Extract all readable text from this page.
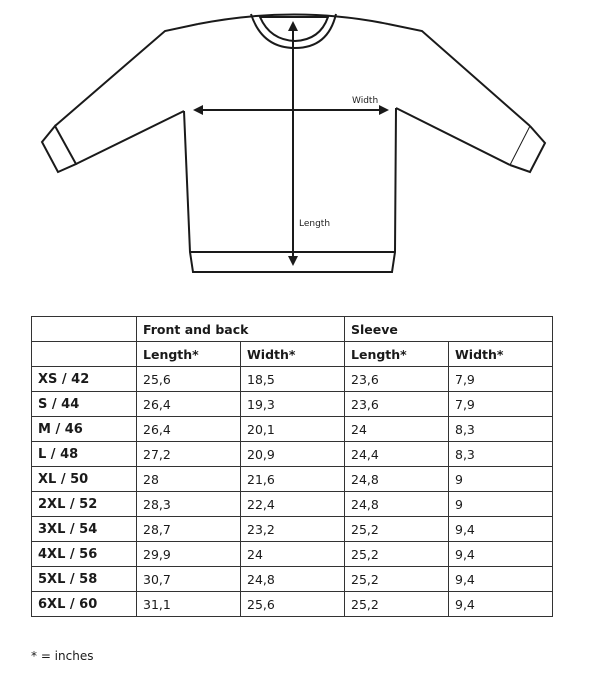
Width
Length
	Front and back		Sleeve	
	Length*	Width*	Length*	Width*
XS / 42	25,6	18,5	23,6	7,9
S / 44	26,4	19,3	23,6	7,9
M / 46	26,4	20,1	24	8,3
L / 48	27,2	20,9	24,4	8,3
XL / 50	28	21,6	24,8	9
2XL / 52	28,3	22,4	24,8	9
3XL / 54	28,7	23,2	25,2	9,4
4XL / 56	29,9	24	25,2	9,4
5XL / 58	30,7	24,8	25,2	9,4
6XL / 60	31,1	25,6	25,2	9,4
* = inches
